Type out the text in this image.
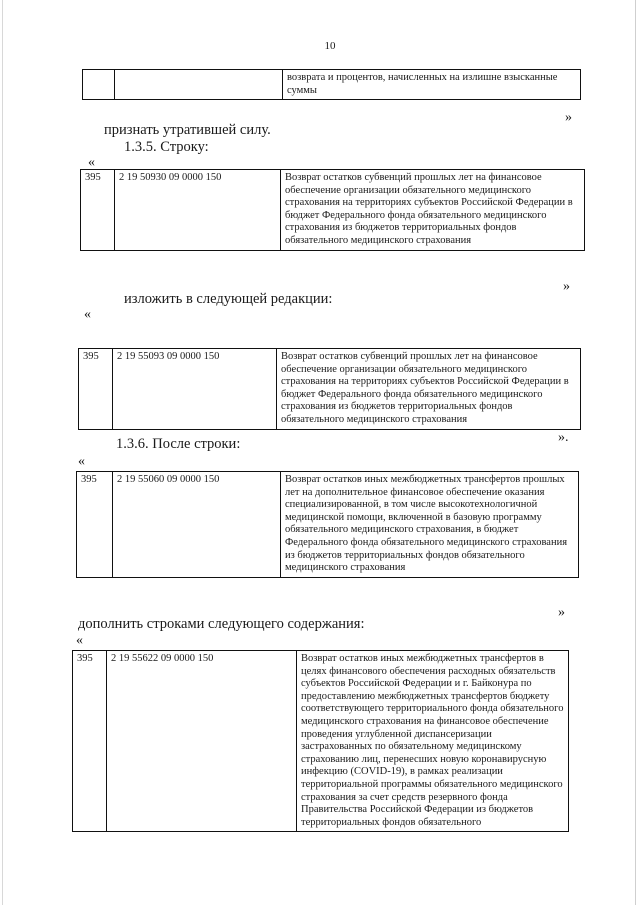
10
		возврата и процентов, начисленных на излишне взысканные суммы
»
признать утратившей силу.
1.3.5. Строку:
«
395	2 19 50930 09 0000 150	Возврат остатков субвенций прошлых лет на финансовое обеспечение организации обязательного медицинского страхования на территориях субъектов Российской Федерации в бюджет Федерального фонда обязательного медицинского страхования из бюджетов территориальных фондов обязательного медицинского страхования
»
изложить в следующей редакции:
«
395	2 19 55093 09 0000 150	Возврат остатков субвенций прошлых лет на финансовое обеспечение организации обязательного медицинского страхования на территориях субъектов Российской Федерации в бюджет Федерального фонда обязательного медицинского страхования из бюджетов территориальных фондов обязательного медицинского страхования
».
1.3.6. После строки:
«
395	2 19 55060 09 0000 150	Возврат остатков иных межбюджетных трансфертов прошлых лет на дополнительное финансовое обеспечение оказания специализированной, в том числе высокотехнологичной медицинской помощи, включенной в базовую программу обязательного медицинского страхования, в бюджет Федерального фонда обязательного медицинского страхования из бюджетов территориальных фондов обязательного медицинского страхования
»
дополнить строками следующего содержания:
«
395	2 19 55622 09 0000 150	Возврат остатков иных межбюджетных трансфертов в целях финансового обеспечения расходных обязательств субъектов Российской Федерации и г. Байконура по предоставлению межбюджетных трансфертов бюджету соответствующего территориального фонда обязательного медицинского страхования на финансовое обеспечение проведения углубленной диспансеризации застрахованных по обязательному медицинскому страхованию лиц, перенесших новую коронавирусную инфекцию (COVID-19), в рамках реализации территориальной программы обязательного медицинского страхования за счет средств резервного фонда Правительства Российской Федерации из бюджетов территориальных фондов обязательного
